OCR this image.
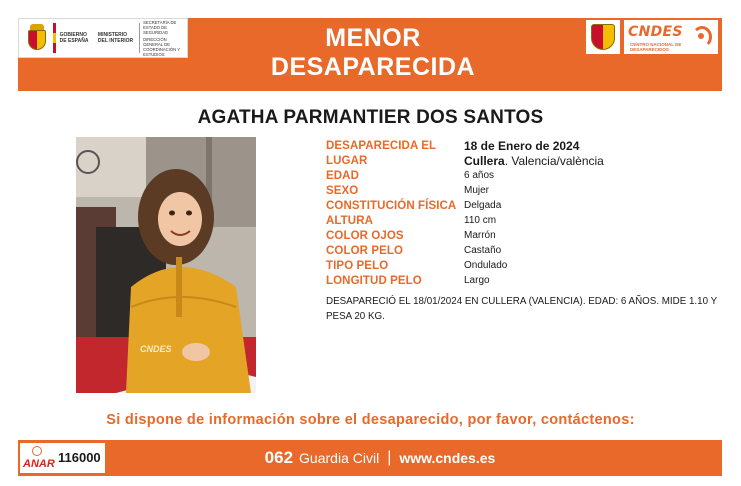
GOBIERNO
DE ESPAÑA
MINISTERIO
DEL INTERIOR
SECRETARÍA DE ESTADO DE SEGURIDAD
DIRECCIÓN GENERAL DE COORDINACIÓN Y ESTUDIOS
MENOR
DESAPARECIDA
CNDES
CENTRO NACIONAL DE DESAPARECIDOS
AGATHA PARMANTIER DOS SANTOS
CNDES
DESAPARECIDA EL	18 de Enero de 2024
LUGAR	Cullera. Valencia/valència
EDAD	6 años
SEXO	Mujer
CONSTITUCIÓN FÍSICA Delgada
ALTURA	110 cm
COLOR OJOS	Marrón
COLOR PELO	Castaño
TIPO PELO	Ondulado
LONGITUD PELO	Largo
DESAPARECIÓ EL 18/01/2024 EN CULLERA (VALENCIA). EDAD: 6 AÑOS. MIDE 1.10 Y PESA 20 KG.
Si dispone de información sobre el desaparecido, por favor, contáctenos:
ANAR 116000	062 Guardia Civil | www.cndes.es
